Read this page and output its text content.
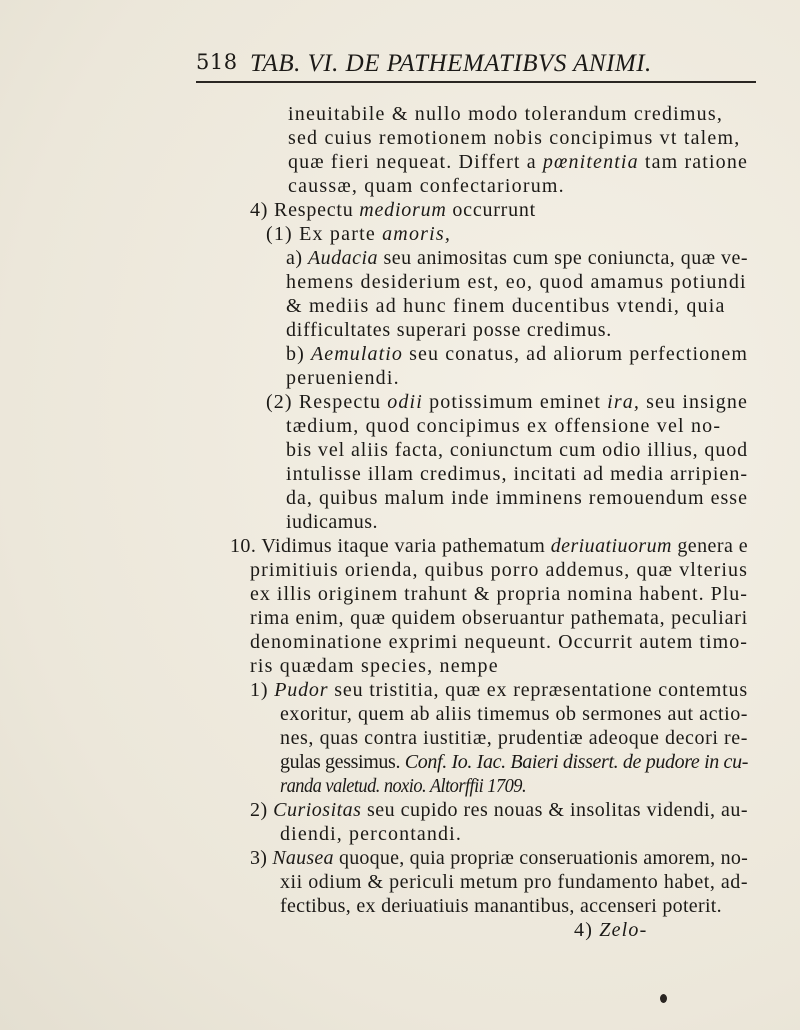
518 TAB. VI. DE PATHEMATIBVS ANIMI.
ineuitabile & nullo modo tolerandum credimus,
sed cuius remotionem nobis concipimus vt talem,
quæ fieri nequeat. Differt a pœnitentia tam ratione
caussæ, quam confectariorum.
4) Respectu mediorum occurrunt
(1) Ex parte amoris,
a) Audacia seu animositas cum spe coniuncta, quæ ve-
hemens desiderium est, eo, quod amamus potiundi
& mediis ad hunc finem ducentibus vtendi, quia
difficultates superari posse credimus.
b) Aemulatio seu conatus, ad aliorum perfectionem
perueniendi.
(2) Respectu odii potissimum eminet ira, seu insigne
tædium, quod concipimus ex offensione vel no-
bis vel aliis facta, coniunctum cum odio illius, quod
intulisse illam credimus, incitati ad media arripien-
da, quibus malum inde imminens remouendum esse
iudicamus.
10. Vidimus itaque varia pathematum deriuatiuorum genera e
primitiuis orienda, quibus porro addemus, quæ vlterius
ex illis originem trahunt & propria nomina habent. Plu-
rima enim, quæ quidem obseruantur pathemata, peculiari
denominatione exprimi nequeunt. Occurrit autem timo-
ris quædam species, nempe
1) Pudor seu tristitia, quæ ex repræsentatione contemtus
exoritur, quem ab aliis timemus ob sermones aut actio-
nes, quas contra iustitiæ, prudentiæ adeoque decori re-
gulas gessimus. Conf. Io. Iac. Baieri dissert. de pudore in cu-
randa valetud. noxio. Altorffii 1709.
2) Curiositas seu cupido res nouas & insolitas videndi, au-
diendi, percontandi.
3) Nausea quoque, quia propriæ conseruationis amorem, no-
xii odium & periculi metum pro fundamento habet, ad-
fectibus, ex deriuatiuis manantibus, accenseri poterit.
4) Zelo-
